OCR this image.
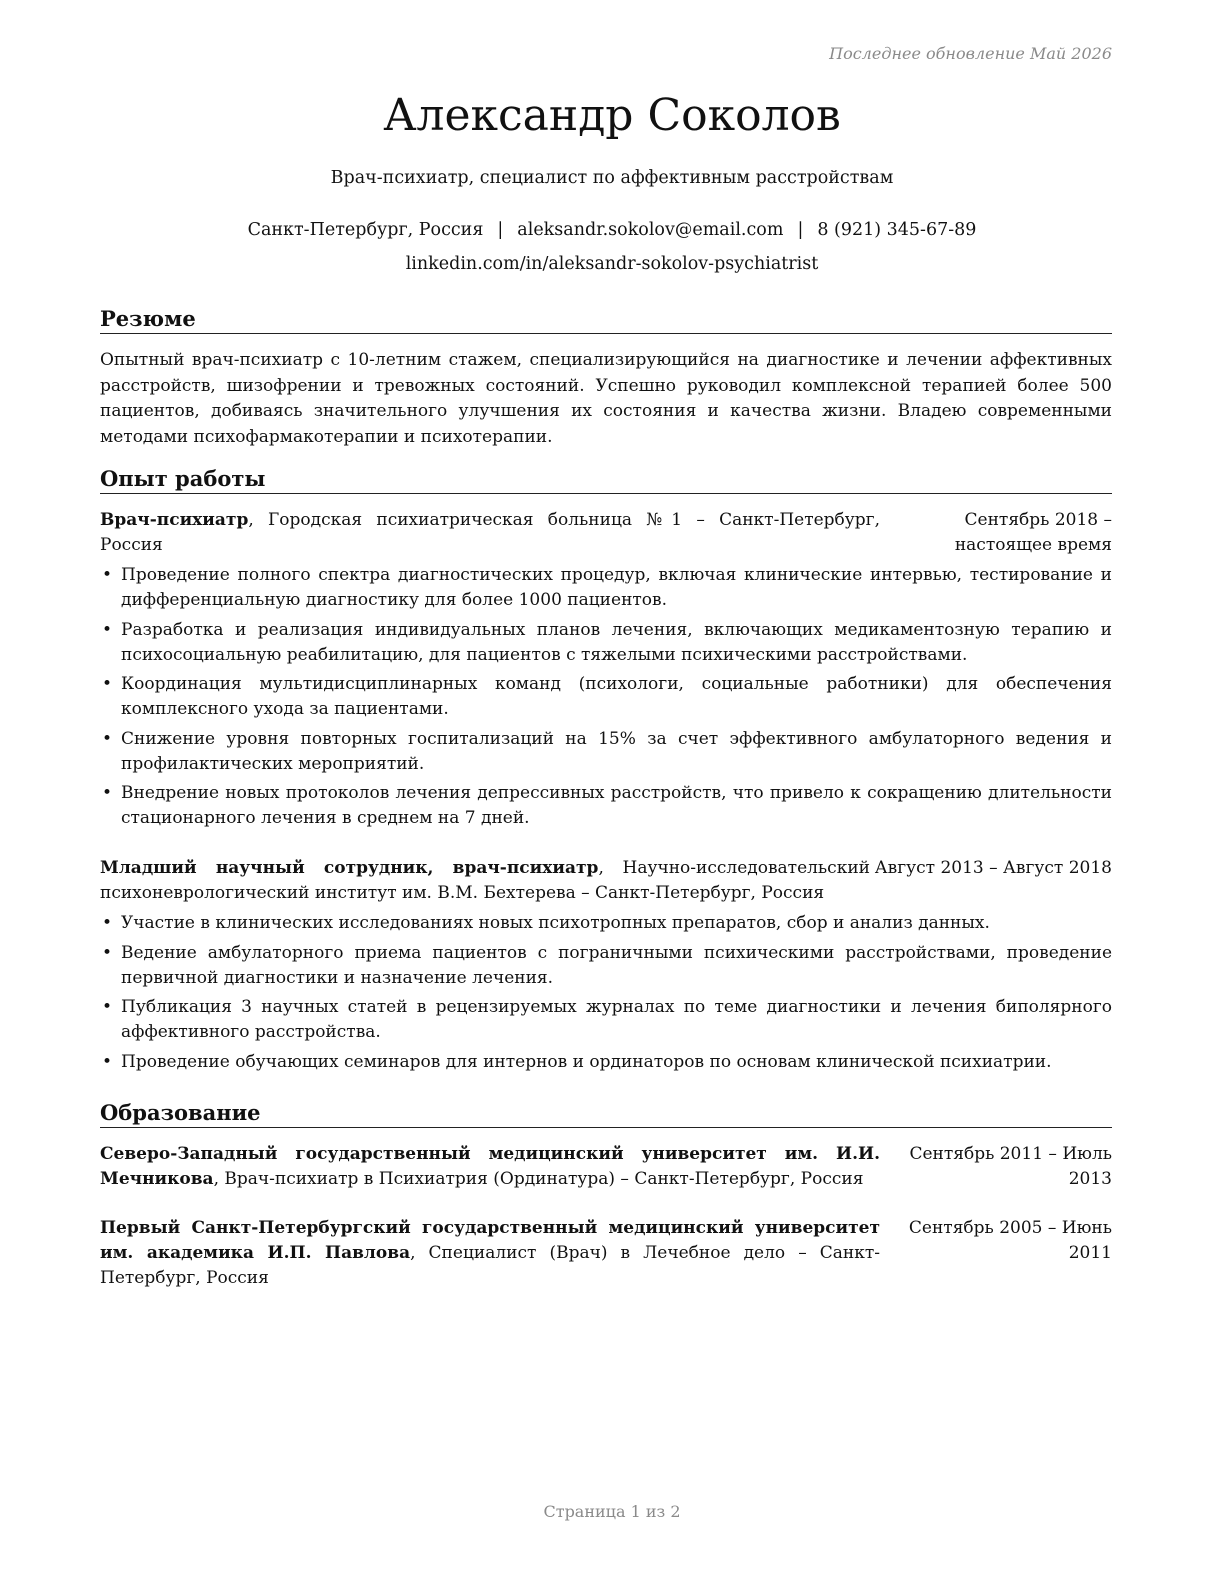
Последнее обновление Май 2026
Александр Соколов
Врач-психиатр, специалист по аффективным расстройствам
Санкт-Петербург, Россия | aleksandr.sokolov@email.com | 8 (921) 345-67-89
linkedin.com/in/aleksandr-sokolov-psychiatrist
Резюме
Опытный врач-психиатр с 10-летним стажем, специализирующийся на диагностике и лечении аффективных расстройств, шизофрении и тревожных состояний. Успешно руководил комплексной терапией более 500 пациентов, добиваясь значительного улучшения их состояния и качества жизни. Владею современными методами психофармакотерапии и психотерапии.
Опыт работы
Врач-психиатр, Городская психиатрическая больница №1 – Санкт-Петербург, Россия
Сентябрь 2018 – настоящее время
• Проведение полного спектра диагностических процедур, включая клинические интервью, тестирование и дифференциальную диагностику для более 1000 пациентов.
• Разработка и реализация индивидуальных планов лечения, включающих медикаментозную терапию и психосоциальную реабилитацию, для пациентов с тяжелыми психическими расстройствами.
• Координация мультидисциплинарных команд (психологи, социальные работники) для обеспечения комплексного ухода за пациентами.
• Снижение уровня повторных госпитализаций на 15% за счет эффективного амбулаторного ведения и профилактических мероприятий.
• Внедрение новых протоколов лечения депрессивных расстройств, что привело к сокращению длительности стационарного лечения в среднем на 7 дней.
Младший научный сотрудник, врач-психиатр, Научно-исследовательский психоневрологический институт им. В.М. Бехтерева – Санкт-Петербург, Россия
Август 2013 – Август 2018
• Участие в клинических исследованиях новых психотропных препаратов, сбор и анализ данных.
• Ведение амбулаторного приема пациентов с пограничными психическими расстройствами, проведение первичной диагностики и назначение лечения.
• Публикация 3 научных статей в рецензируемых журналах по теме диагностики и лечения биполярного аффективного расстройства.
• Проведение обучающих семинаров для интернов и ординаторов по основам клинической психиатрии.
Образование
Северо-Западный государственный медицинский университет им. И.И. Мечникова, Врач-психиатр в Психиатрия (Ординатура) – Санкт-Петербург, Россия
Сентябрь 2011 – Июль 2013
Первый Санкт-Петербургский государственный медицинский университет им. академика И.П. Павлова, Специалист (Врач) в Лечебное дело – Санкт-Петербург, Россия
Сентябрь 2005 – Июнь 2011
Страница 1 из 2
